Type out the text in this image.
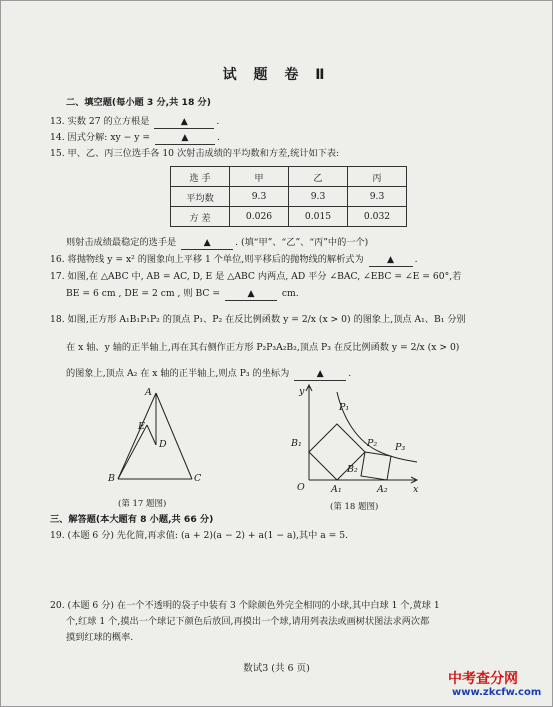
试 题 卷 Ⅱ
二、填空题(每小题 3 分,共 18 分)
13. 实数 27 的立方根是	▲	.
14. 因式分解: xy − y =	▲	.
15. 甲、乙、丙三位选手各 10 次射击成绩的平均数和方差,统计如下表:
选 手	甲	乙	丙
平均数	9.3	9.3	9.3
方 差	0.026	0.015	0.032
则射击成绩最稳定的选手是	▲	. (填“甲”、“乙”、“丙”中的一个)
16. 将抛物线 y = x² 的图象向上平移 1 个单位,则平移后的抛物线的解析式为	▲ .
17. 如图,在 △ABC 中, AB = AC, D, E 是 △ABC 内两点, AD 平分 ∠BAC, ∠EBC = ∠E = 60°,若
BE = 6 cm , DE = 2 cm , 则 BC =	▲	cm.
18. 如图,正方形 A₁B₁P₁P₂ 的顶点 P₁、P₂ 在反比例函数 y = 2/x (x > 0) 的图象上,顶点 A₁、B₁ 分别
在 x 轴、y 轴的正半轴上,再在其右侧作正方形 P₂P₃A₂B₂,顶点 P₃ 在反比例函数 y = 2/x (x > 0)
的图象上,顶点 A₂ 在 x 轴的正半轴上,则点 P₃ 的坐标为	▲	.
A
E
D
B	C
(第 17 题图)
y
P₁
B₁	P₂ P₃
B₂
O	A₁	A₂	x
(第 18 题图)
三、解答题(本大题有 8 小题,共 66 分)
19. (本题 6 分) 先化简,再求值: (a + 2)(a − 2) + a(1 − a),其中 a = 5.
20. (本题 6 分) 在一个不透明的袋子中装有 3 个除颜色外完全相同的小球,其中白球 1 个,黄球 1
个,红球 1 个,摸出一个球记下颜色后放回,再摸出一个球,请用列表法或画树状图法求两次都
摸到红球的概率.
数试3 (共 6 页)
中考查分网
www.zkcfw.com
